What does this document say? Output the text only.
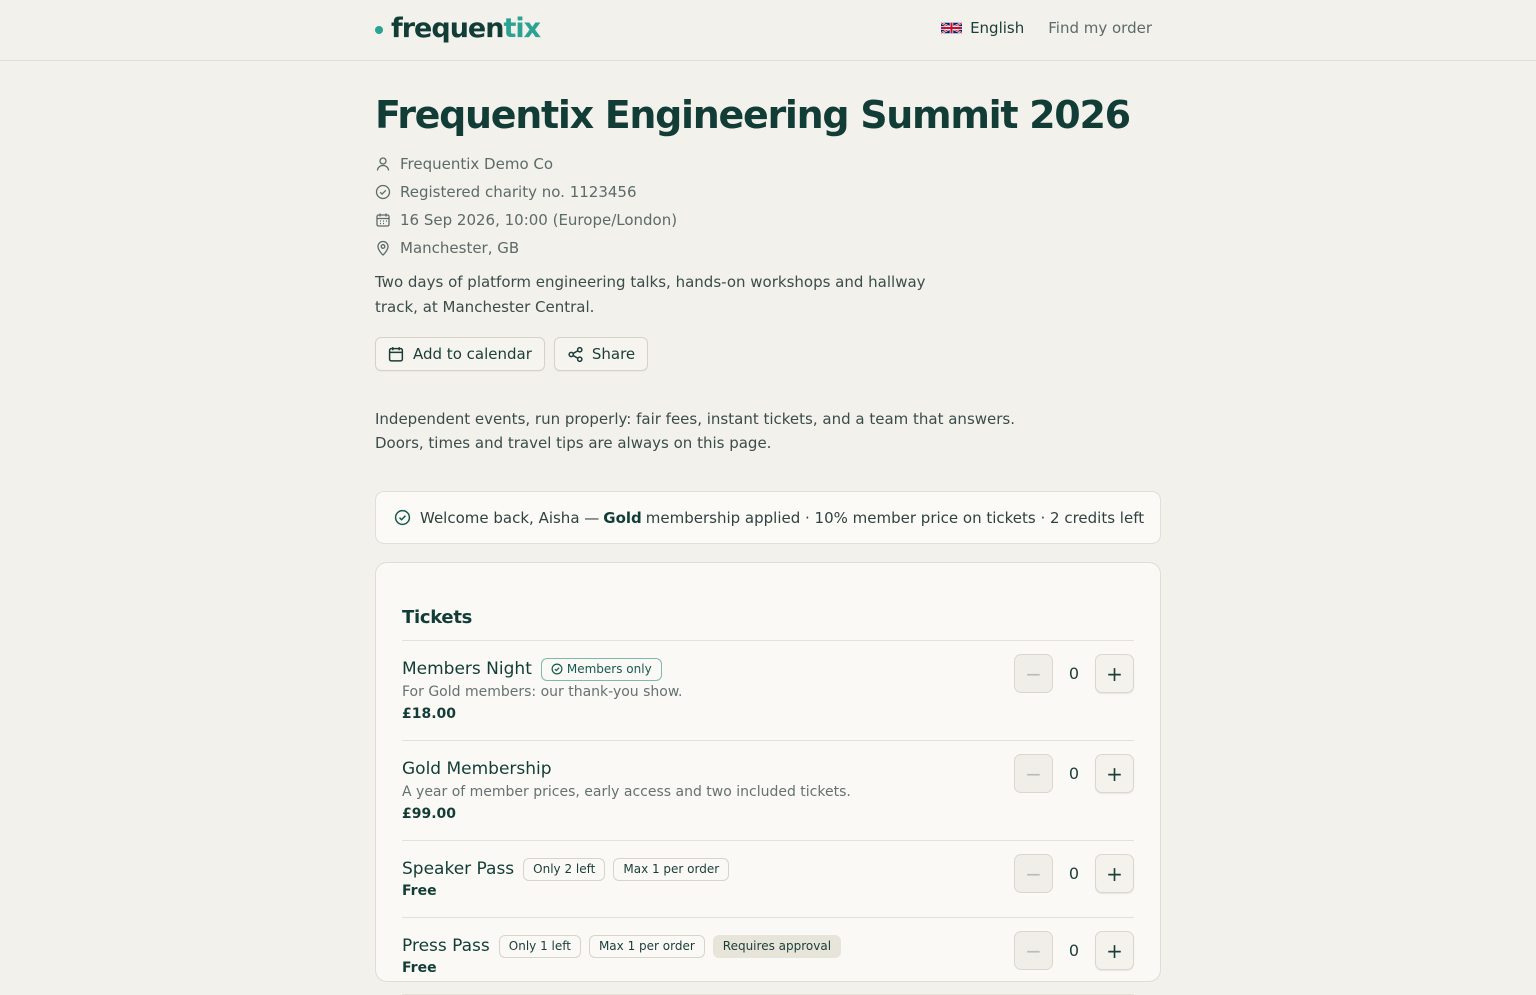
frequen tix	English Find my order
Frequentix Engineering Summit 2026
Frequentix Demo Co
Registered charity no. 1123456
16 Sep 2026, 10:00 (Europe/London)
Manchester, GB

Two days of platform engineering talks, hands-on workshops and hallway track, at Manchester Central.

Add to calendar	Share
Independent events, run properly: fair fees, instant tickets, and a team that answers.
Doors, times and travel tips are always on this page.
Welcome back, Aisha — Gold membership applied · 10% member price on tickets · 2 credits left
Tickets
Members Night	Members only
For Gold members: our thank-you show.
£18.00
−	0	+
Gold Membership
A year of member prices, early access and two included tickets.
£99.00
−	0	+
Speaker Pass	Only 2 left	Max 1 per order
Free
−	0	+
Press Pass	Only 1 left	Max 1 per order	Requires approval
Free
−	0	+
